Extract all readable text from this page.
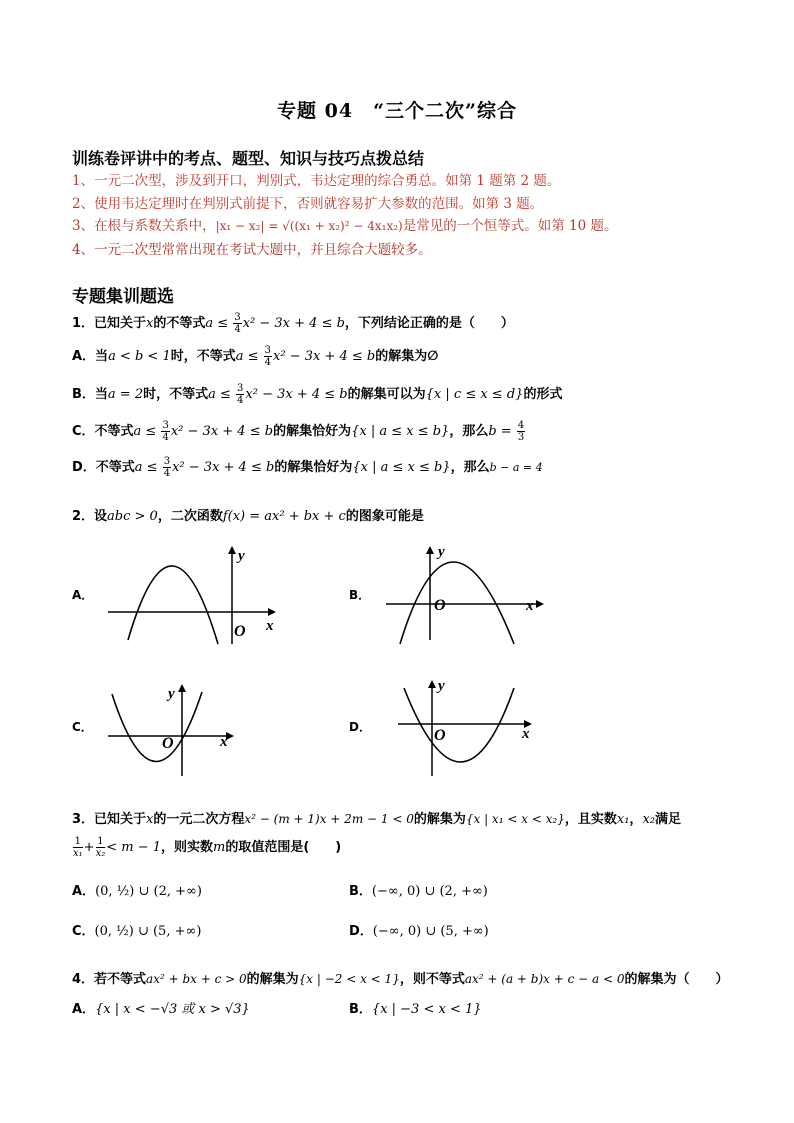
专题 04　“三个二次”综合
训练卷评讲中的考点、题型、知识与技巧点拨总结
1、一元二次型，涉及到开口，判别式，韦达定理的综合勇总。如第 1 题第 2 题。
2、使用韦达定理时在判别式前提下，否则就容易扩大参数的范围。如第 3 题。
3、在根与系数关系中，|x₁ − x₂| = √((x₁ + x₂)² − 4x₁x₂)是常见的一个恒等式。如第 10 题。
4、一元二次型常常出现在考试大题中，并且综合大题较多。
专题集训题选
1．已知关于x的不等式$a \le \frac{3}{4} x^2 - 3x + 4 \le b$，下列结论正确的是（　　）
A．当a < b < 1时，不等式$a \le \frac{3}{4} x^2 - 3x + 4 \le b$的解集为∅
B．当a = 2时，不等式$a \le \frac{3}{4} x^2 - 3x + 4 \le b$的解集可以为{x | c ≤ x ≤ d}的形式
C．不等式$a \le \frac{3}{4} x^2 - 3x + 4 \le b$的解集恰好为{x | a ≤ x ≤ b}，那么$b = \frac{4}{3}$
D．不等式$a \le \frac{3}{4} x^2 - 3x + 4 \le b$的解集恰好为{x | a ≤ x ≤ b}，那么b − a = 4
2．设abc > 0，二次函数f(x) = ax² + bx + c的图象可能是
A．	B．
C．	D．
y
x
O
y
x
O
y
x
O
y
x
O
3．已知关于x的一元二次方程x² − (m + 1)x + 2m − 1 < 0的解集为{x | x₁ < x < x₂}，且实数x₁，x₂满足
$\frac{1}{\text{x₁}} + \frac{1}{\text{x₂}} < m - 1$，则实数m的取值范围是(　　)
A．(0, ½) ∪ (2, +∞)	B．(−∞, 0) ∪ (2, +∞)
C．(0, ½) ∪ (5, +∞)	D．(−∞, 0) ∪ (5, +∞)
4．若不等式ax² + bx + c > 0的解集为{x | −2 < x < 1}，则不等式ax² + (a + b)x + c − a < 0的解集为（　　）
A．{x | x < −√3 或 x > √3}	B．{x | −3 < x < 1}
